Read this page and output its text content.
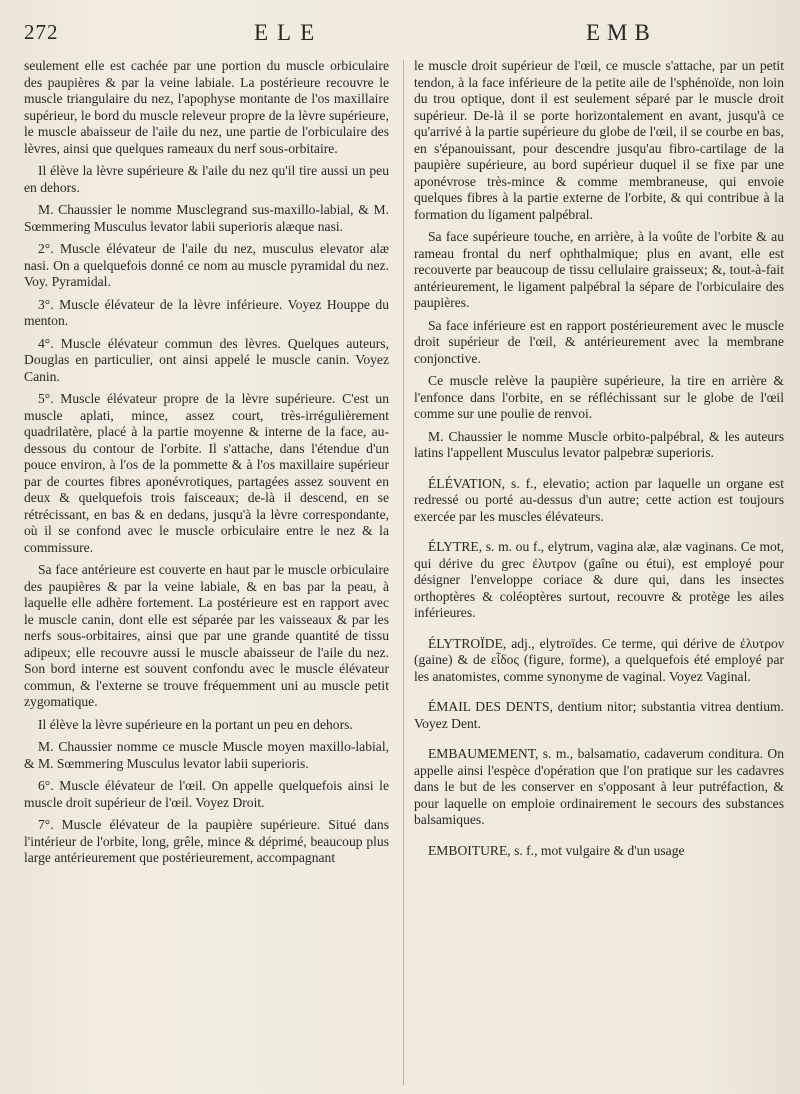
272	ELE	EMB

seulement elle est cachée par une portion du muscle orbiculaire des paupières & par la veine labiale. La postérieure recouvre le muscle triangulaire du nez, l'apophyse montante de l'os maxillaire supérieur, le bord du muscle releveur propre de la lèvre supérieure, le muscle abaisseur de l'aile du nez, une partie de l'orbiculaire des lèvres, ainsi que quelques rameaux du nerf sous-orbitaire.

Il élève la lèvre supérieure & l'aile du nez qu'il tire aussi un peu en dehors.

M. Chaussier le nomme Musclegrand sus-maxillo-labial, & M. Sœmmering Musculus levator labii superioris alæque nasi.

2°. Muscle élévateur de l'aile du nez, musculus elevator alæ nasi. On a quelquefois donné ce nom au muscle pyramidal du nez. Voy. Pyramidal.

3°. Muscle élévateur de la lèvre inférieure. Voyez Houppe du menton.

4°. Muscle élévateur commun des lèvres. Quelques auteurs, Douglas en particulier, ont ainsi appelé le muscle canin. Voyez Canin.

5°. Muscle élévateur propre de la lèvre supérieure. C'est un muscle aplati, mince, assez court, très-irrégulièrement quadrilatère, placé à la partie moyenne & interne de la face, au-dessous du contour de l'orbite. Il s'attache, dans l'étendue d'un pouce environ, à l'os de la pommette & à l'os maxillaire supérieur par de courtes fibres aponévrotiques, partagées assez souvent en deux & quelquefois trois faisceaux; de-là il descend, en se rétrécissant, en bas & en dedans, jusqu'à la lèvre correspondante, où il se confond avec le muscle orbiculaire entre le nez & la commissure.

Sa face antérieure est couverte en haut par le muscle orbiculaire des paupières & par la veine labiale, & en bas par la peau, à laquelle elle adhère fortement. La postérieure est en rapport avec le muscle canin, dont elle est séparée par les vaisseaux & par les nerfs sous-orbitaires, ainsi que par une grande quantité de tissu adipeux; elle recouvre aussi le muscle abaisseur de l'aile du nez. Son bord interne est souvent confondu avec le muscle élévateur commun, & l'externe se trouve fréquemment uni au muscle petit zygomatique.

Il élève la lèvre supérieure en la portant un peu en dehors.

M. Chaussier nomme ce muscle Muscle moyen maxillo-labial, & M. Sœmmering Musculus levator labii superioris.

6°. Muscle élévateur de l'œil. On appelle quelquefois ainsi le muscle droit supérieur de l'œil. Voyez Droit.

7°. Muscle élévateur de la paupière supérieure. Situé dans l'intérieur de l'orbite, long, grêle, mince & déprimé, beaucoup plus large antérieurement que postérieurement, accompagnant

le muscle droit supérieur de l'œil, ce muscle s'attache, par un petit tendon, à la face inférieure de la petite aile de l'sphénoïde, non loin du trou optique, dont il est seulement séparé par le muscle droit supérieur. De-là il se porte horizontalement en avant, jusqu'à ce qu'arrivé à la partie supérieure du globe de l'œil, il se courbe en bas, en s'épanouissant, pour descendre jusqu'au fibro-cartilage de la paupière supérieure, au bord supérieur duquel il se fixe par une aponévrose très-mince & comme membraneuse, qui envoie quelques fibres à la partie externe de l'orbite, & qui contribue à la formation du ligament palpébral.

Sa face supérieure touche, en arrière, à la voûte de l'orbite & au rameau frontal du nerf ophthalmique; plus en avant, elle est recouverte par beaucoup de tissu cellulaire graisseux; &, tout-à-fait antérieurement, le ligament palpébral la sépare de l'orbiculaire des paupières.

Sa face inférieure est en rapport postérieurement avec le muscle droit supérieur de l'œil, & antérieurement avec la membrane conjonctive.

Ce muscle relève la paupière supérieure, la tire en arrière & l'enfonce dans l'orbite, en se réfléchissant sur le globe de l'œil comme sur une poulie de renvoi.

M. Chaussier le nomme Muscle orbito-palpébral, & les auteurs latins l'appellent Musculus levator palpebræ superioris.

ÉLÉVATION, s. f., elevatio; action par laquelle un organe est redressé ou porté au-dessus d'un autre; cette action est toujours exercée par les muscles élévateurs.

ÉLYTRE, s. m. ou f., elytrum, vagina alæ, alæ vaginans. Ce mot, qui dérive du grec ἐλυτρον (gaîne ou étui), est employé pour désigner l'enveloppe coriace & dure qui, dans les insectes orthoptères & coléoptères surtout, recouvre & protège les ailes inférieures.

ÉLYTROÏDE, adj., elytroïdes. Ce terme, qui dérive de ἐλυτρον (gaine) & de εἶδος (figure, forme), a quelquefois été employé par les anatomistes, comme synonyme de vaginal. Voyez Vaginal.

ÉMAIL DES DENTS, dentium nitor; substantia vitrea dentium. Voyez Dent.

EMBAUMEMENT, s. m., balsamatio, cadaverum conditura. On appelle ainsi l'espèce d'opération que l'on pratique sur les cadavres dans le but de les conserver en s'opposant à leur putréfaction, & pour laquelle on emploie ordinairement le secours des substances balsamiques.

EMBOITURE, s. f., mot vulgaire & d'un usage
